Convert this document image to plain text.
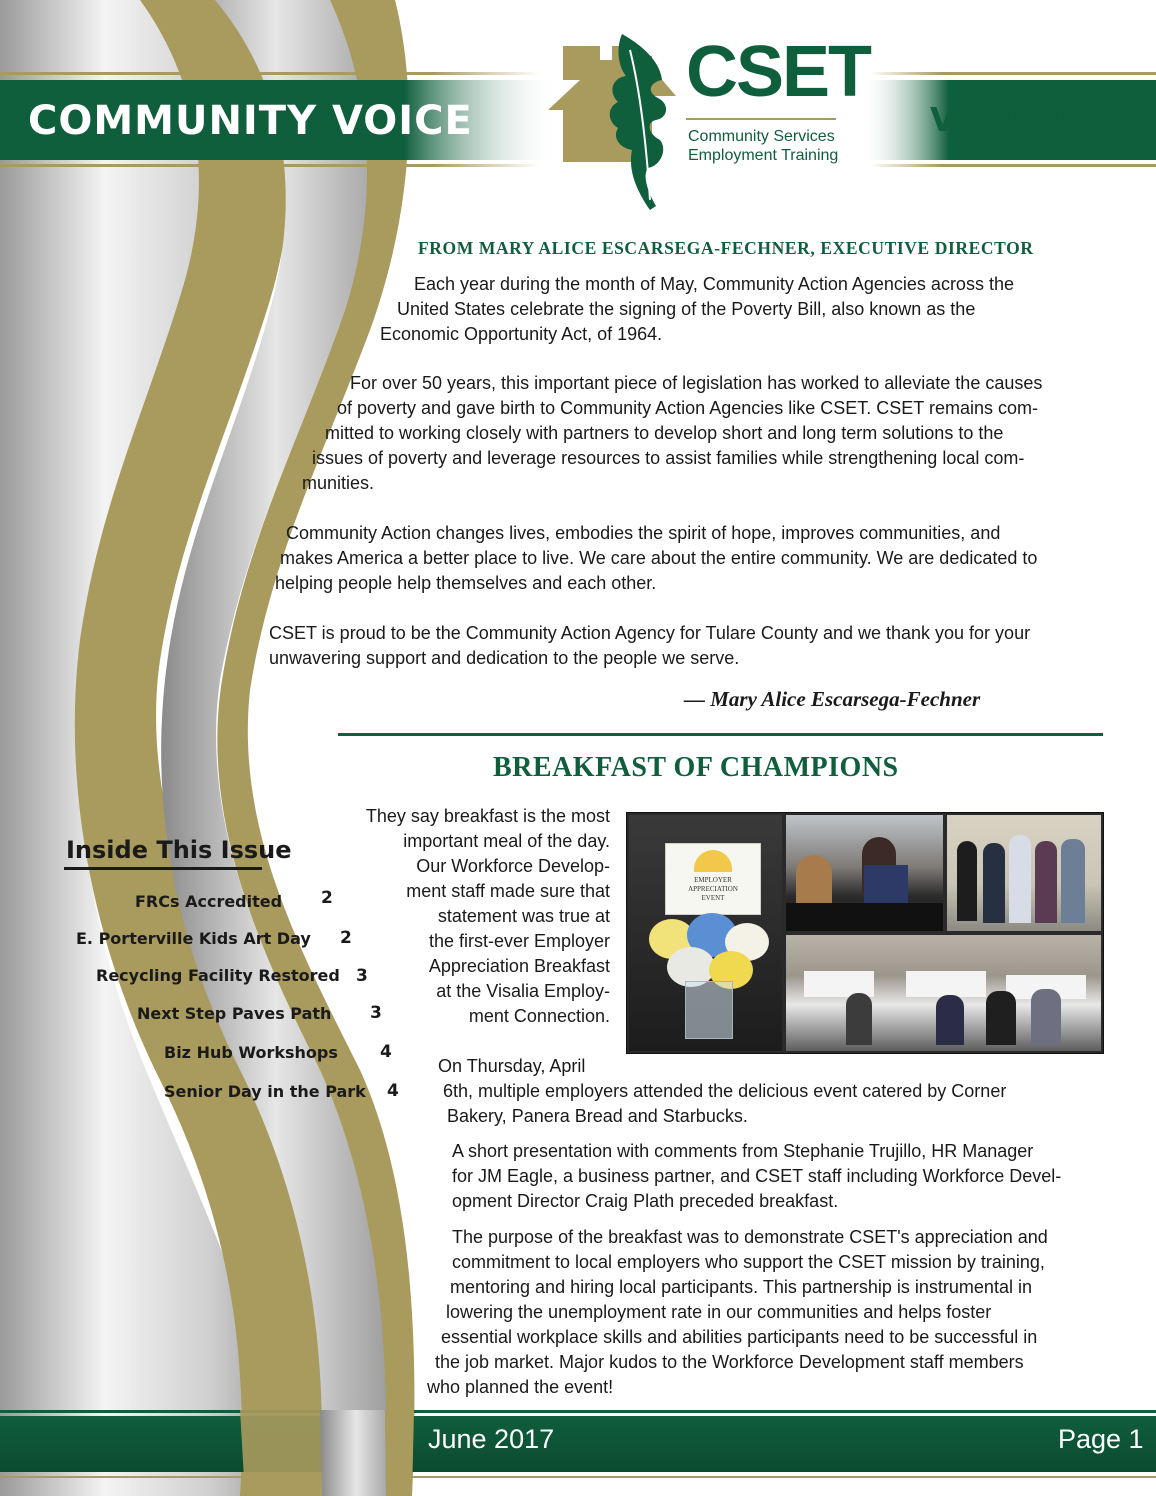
COMMUNITY VOICE	VOLUME 23
CSET
Community Services
Employment Training
FROM MARY ALICE ESCARSEGA-FECHNER, EXECUTIVE DIRECTOR
Each year during the month of May, Community Action Agencies across the
United States celebrate the signing of the Poverty Bill, also known as the
Economic Opportunity Act, of 1964.
For over 50 years, this important piece of legislation has worked to alleviate the causes
of poverty and gave birth to Community Action Agencies like CSET. CSET remains com-
mitted to working closely with partners to develop short and long term solutions to the
issues of poverty and leverage resources to assist families while strengthening local com-
munities.
Community Action changes lives, embodies the spirit of hope, improves communities, and
makes America a better place to live. We care about the entire community. We are dedicated to
helping people help themselves and each other.
CSET is proud to be the Community Action Agency for Tulare County and we thank you for your
unwavering support and dedication to the people we serve.
— Mary Alice Escarsega-Fechner
BREAKFAST OF CHAMPIONS
They say breakfast is the most
important meal of the day.
Our Workforce Develop-
ment staff made sure that
statement was true at
the first-ever Employer
Appreciation Breakfast
at the Visalia Employ-
ment Connection.
EMPLOYER
APPRECIATION
EVENT
On Thursday, April
6th, multiple employers attended the delicious event catered by Corner
Bakery, Panera Bread and Starbucks.
A short presentation with comments from Stephanie Trujillo, HR Manager
for JM Eagle, a business partner, and CSET staff including Workforce Devel-
opment Director Craig Plath preceded breakfast.
The purpose of the breakfast was to demonstrate CSET's appreciation and
commitment to local employers who support the CSET mission by training,
mentoring and hiring local participants. This partnership is instrumental in
lowering the unemployment rate in our communities and helps foster
essential workplace skills and abilities participants need to be successful in
the job market. Major kudos to the Workforce Development staff members
who planned the event!
Inside This Issue
FRCs Accredited 2
E. Porterville Kids Art Day 2
Recycling Facility Restored 3
Next Step Paves Path 3
Biz Hub Workshops 4
Senior Day in the Park 4
June 2017	Page 1
